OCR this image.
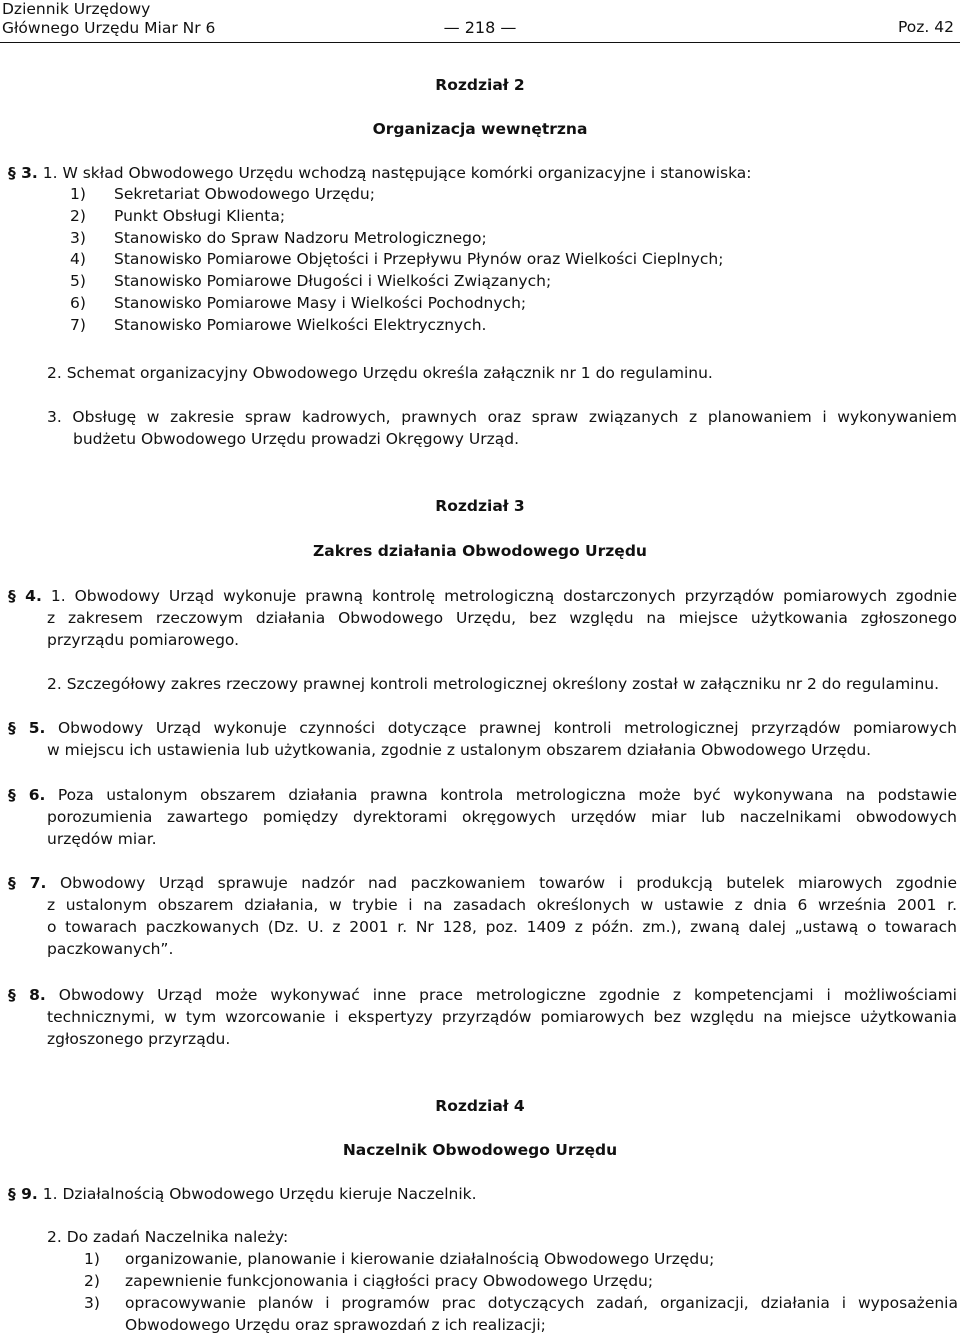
Dziennik Urzędowy
Głównego Urzędu Miar Nr 6	— 218 —	Poz. 42
Rozdział 2
Organizacja wewnętrzna
§ 3. 1. W skład Obwodowego Urzędu wchodzą następujące komórki organizacyjne i stanowiska:
1)	Sekretariat Obwodowego Urzędu;
2)	Punkt Obsługi Klienta;
3)	Stanowisko do Spraw Nadzoru Metrologicznego;
4)	Stanowisko Pomiarowe Objętości i Przepływu Płynów oraz Wielkości Cieplnych;
5)	Stanowisko Pomiarowe Długości i Wielkości Związanych;
6)	Stanowisko Pomiarowe Masy i Wielkości Pochodnych;
7)	Stanowisko Pomiarowe Wielkości Elektrycznych.
2. Schemat organizacyjny Obwodowego Urzędu określa załącznik nr 1 do regulaminu.
3. Obsługę w zakresie spraw kadrowych, prawnych oraz spraw związanych z planowaniem i wykonywaniem
budżetu Obwodowego Urzędu prowadzi Okręgowy Urząd.
Rozdział 3
Zakres działania Obwodowego Urzędu
§ 4. 1. Obwodowy Urząd wykonuje prawną kontrolę metrologiczną dostarczonych przyrządów pomiarowych zgodnie
z zakresem rzeczowym działania Obwodowego Urzędu, bez względu na miejsce użytkowania zgłoszonego
przyrządu pomiarowego.
2. Szczegółowy zakres rzeczowy prawnej kontroli metrologicznej określony został w załączniku nr 2 do regulaminu.
§ 5. Obwodowy Urząd wykonuje czynności dotyczące prawnej kontroli metrologicznej przyrządów pomiarowych
w miejscu ich ustawienia lub użytkowania, zgodnie z ustalonym obszarem działania Obwodowego Urzędu.
§ 6. Poza ustalonym obszarem działania prawna kontrola metrologiczna może być wykonywana na podstawie
porozumienia zawartego pomiędzy dyrektorami okręgowych urzędów miar lub naczelnikami obwodowych
urzędów miar.
§ 7. Obwodowy Urząd sprawuje nadzór nad paczkowaniem towarów i produkcją butelek miarowych zgodnie
z ustalonym obszarem działania, w trybie i na zasadach określonych w ustawie z dnia 6 września 2001 r.
o towarach paczkowanych (Dz. U. z 2001 r. Nr 128, poz. 1409 z późn. zm.), zwaną dalej „ustawą o towarach
paczkowanych”.
§ 8. Obwodowy Urząd może wykonywać inne prace metrologiczne zgodnie z kompetencjami i możliwościami
technicznymi, w tym wzorcowanie i ekspertyzy przyrządów pomiarowych bez względu na miejsce użytkowania
zgłoszonego przyrządu.
Rozdział 4
Naczelnik Obwodowego Urzędu
§ 9. 1. Działalnością Obwodowego Urzędu kieruje Naczelnik.
2. Do zadań Naczelnika należy:
1)	organizowanie, planowanie i kierowanie działalnością Obwodowego Urzędu;
2)	zapewnienie funkcjonowania i ciągłości pracy Obwodowego Urzędu;
3)	opracowywanie planów i programów prac dotyczących zadań, organizacji, działania i wyposażenia
Obwodowego Urzędu oraz sprawozdań z ich realizacji;
